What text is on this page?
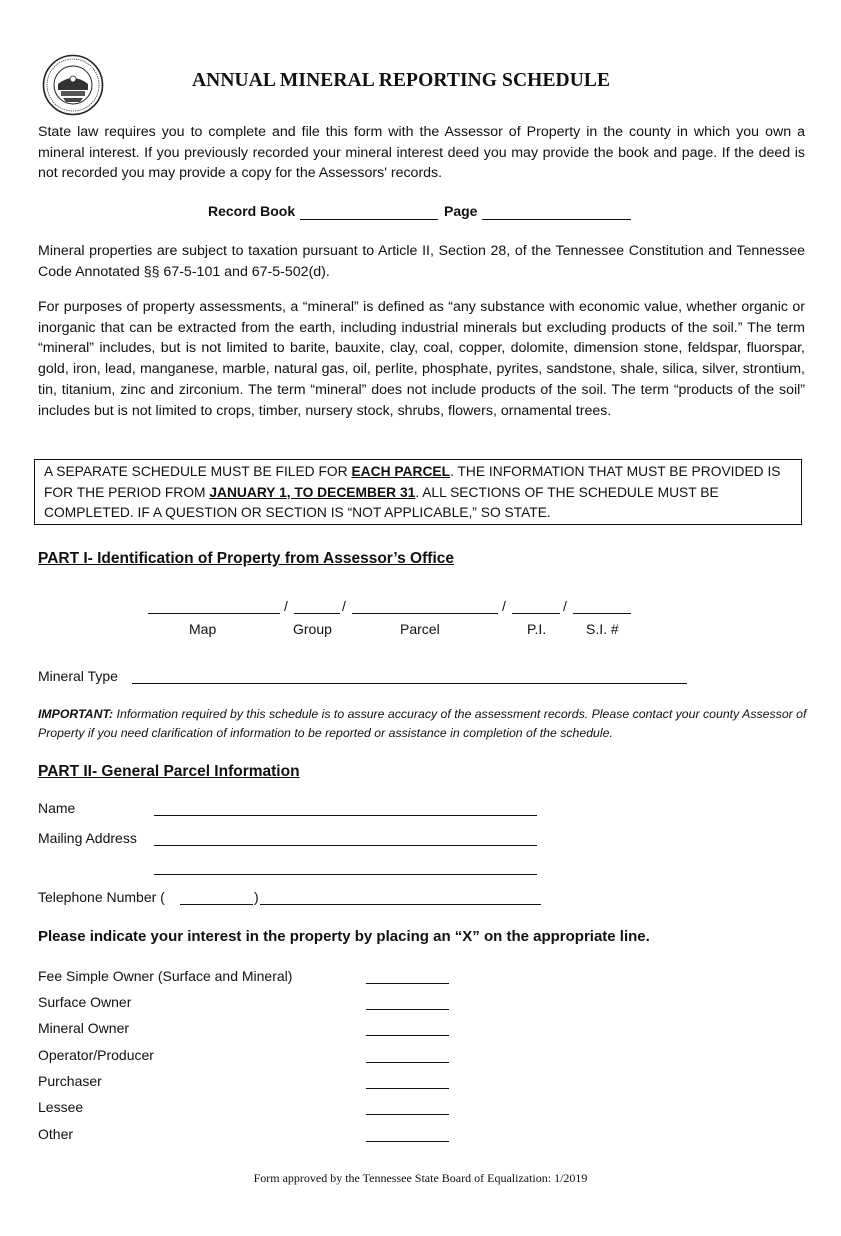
ANNUAL MINERAL REPORTING SCHEDULE
State law requires you to complete and file this form with the Assessor of Property in the county in which you own a mineral interest. If you previously recorded your mineral interest deed you may provide the book and page. If the deed is not recorded you may provide a copy for the Assessors' records.
Record Book	Page
Mineral properties are subject to taxation pursuant to Article II, Section 28, of the Tennessee Constitution and Tennessee Code Annotated §§ 67-5-101 and 67-5-502(d).
For purposes of property assessments, a “mineral” is defined as “any substance with economic value, whether organic or inorganic that can be extracted from the earth, including industrial minerals but excluding products of the soil.” The term “mineral” includes, but is not limited to barite, bauxite, clay, coal, copper, dolomite, dimension stone, feldspar, fluorspar, gold, iron, lead, manganese, marble, natural gas, oil, perlite, phosphate, pyrites, sandstone, shale, silica, silver, strontium, tin, titanium, zinc and zirconium. The term “mineral” does not include products of the soil. The term “products of the soil” includes but is not limited to crops, timber, nursery stock, shrubs, flowers, ornamental trees.
A SEPARATE SCHEDULE MUST BE FILED FOR EACH PARCEL. THE INFORMATION THAT MUST BE PROVIDED IS
FOR THE PERIOD FROM JANUARY 1, TO DECEMBER 31. ALL SECTIONS OF THE SCHEDULE MUST BE
COMPLETED. IF A QUESTION OR SECTION IS “NOT APPLICABLE,” SO STATE.
PART I- Identification of Property from Assessor’s Office
/	/	/	/
Map	Group	Parcel	P.I.	S.I. #
Mineral Type
IMPORTANT: Information required by this schedule is to assure accuracy of the assessment records. Please contact your county Assessor of Property if you need clarification of information to be reported or assistance in completion of the schedule.
PART II- General Parcel Information
Name
Mailing Address
Telephone Number (	)
Please indicate your interest in the property by placing an “X” on the appropriate line.
Fee Simple Owner (Surface and Mineral)
Surface Owner
Mineral Owner
Operator/Producer
Purchaser
Lessee
Other
Form approved by the Tennessee State Board of Equalization: 1/2019
